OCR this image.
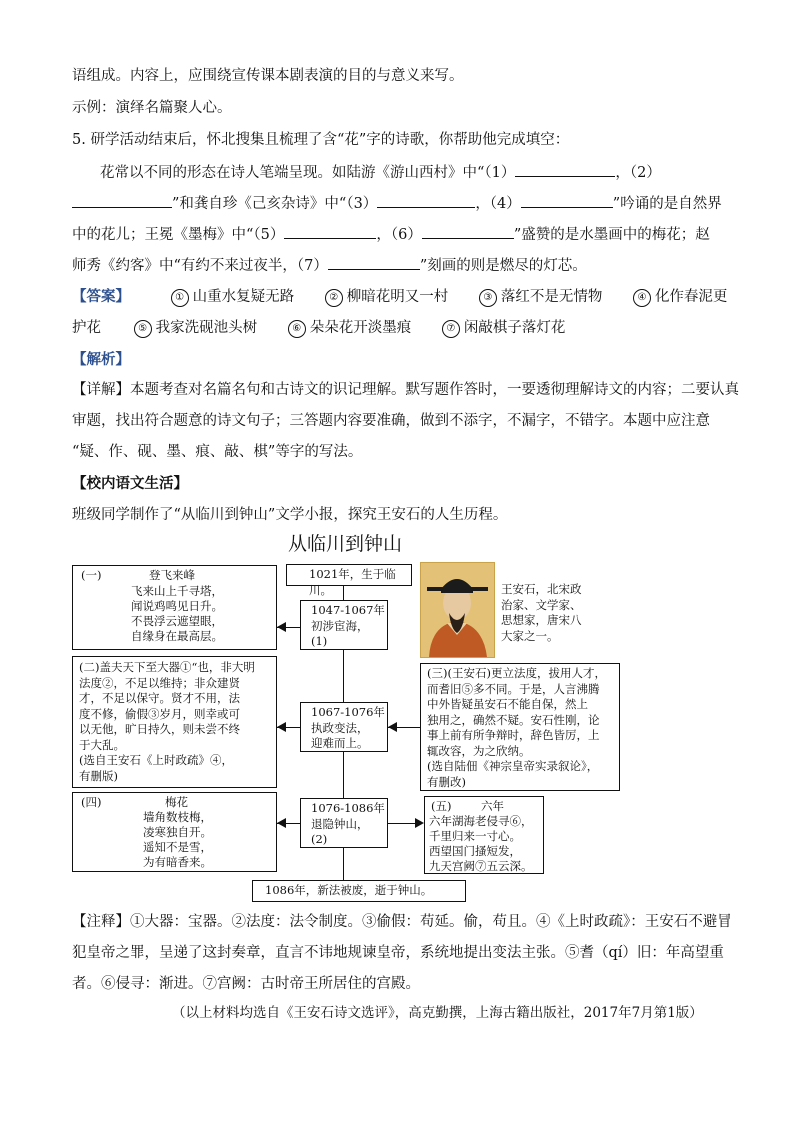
语组成。内容上，应围绕宣传课本剧表演的目的与意义来写。
示例：演绎名篇聚人心。
5. 研学活动结束后，怀北搜集且梳理了含“花”字的诗歌，你帮助他完成填空：
花常以不同的形态在诗人笔端呈现。如陆游《游山西村》中“（1）	，（2）
”和龚自珍《己亥杂诗》中“（3）	，（4）	”吟诵的是自然界
中的花儿；王冕《墨梅》中“（5）	，（6）	”盛赞的是水墨画中的梅花；赵
师秀《约客》中“有约不来过夜半，（7）	”刻画的则是燃尽的灯芯。
【答案】	① 山重水复疑无路	② 柳暗花明又一村	③ 落红不是无情物	④ 化作春泥更
护花	⑤ 我家洗砚池头树	⑥ 朵朵花开淡墨痕	⑦ 闲敲棋子落灯花
【解析】
【详解】本题考查对名篇名句和古诗文的识记理解。默写题作答时，一要透彻理解诗文的内容；二要认真
审题，找出符合题意的诗文句子；三答题内容要准确，做到不添字，不漏字，不错字。本题中应注意
“疑、作、砚、墨、痕、敲、棋”等字的写法。
【校内语文生活】
班级同学制作了“从临川到钟山”文学小报，探究王安石的人生历程。
从临川到钟山
1021年，生于临川。	王安石，北宋政
治家、文学家、
思想家，唐宋八
大家之一。
(一)	登飞来峰
飞来山上千寻塔，
闻说鸡鸣见日升。
不畏浮云遮望眼，
自缘身在最高层。
1047-1067年
初涉宦海，
(1)
(二)盖夫天下至大器①“也，非大明
法度②，不足以维持；非众建贤
才，不足以保守。贤才不用，法
度不修，偷假③岁月，则幸或可
以无他，旷日持久，则未尝不终
于大乱。
(选自王安石《上时政疏》④，
有删版)
1067-1076年
执政变法，
迎难而上。
(三)(王安石)更立法度，拔用人才，
而耆旧⑤多不同。于是，人言沸腾
中外皆疑虽安石不能自保，然上
独用之，确然不疑。安石性刚，论
事上前有所争辩时，辞色皆厉，上
辄改容，为之欣纳。
(选自陆佃《神宗皇帝实录叙论》，
有删改)
(四)	梅花
墙角数枝梅，
凌寒独自开。
遥知不是雪，
为有暗香来。
1076-1086年
退隐钟山，
(2)
(五)	六年
六年湖海老侵寻⑥，
千里归来一寸心。
西望国门搔短发，
九天宫阙⑦五云深。
1086年，新法被废，逝于钟山。
【注释】①大器：宝器。②法度：法令制度。③偷假：苟延。偷，苟且。④《上时政疏》：王安石不避冒
犯皇帝之罪，呈递了这封奏章，直言不讳地规谏皇帝，系统地提出变法主张。⑤耆（qí）旧：年高望重
者。⑥侵寻：渐进。⑦宫阙：古时帝王所居住的宫殿。
（以上材料均选自《王安石诗文选评》，高克勤撰，上海古籍出版社，2017年7月第1版）
